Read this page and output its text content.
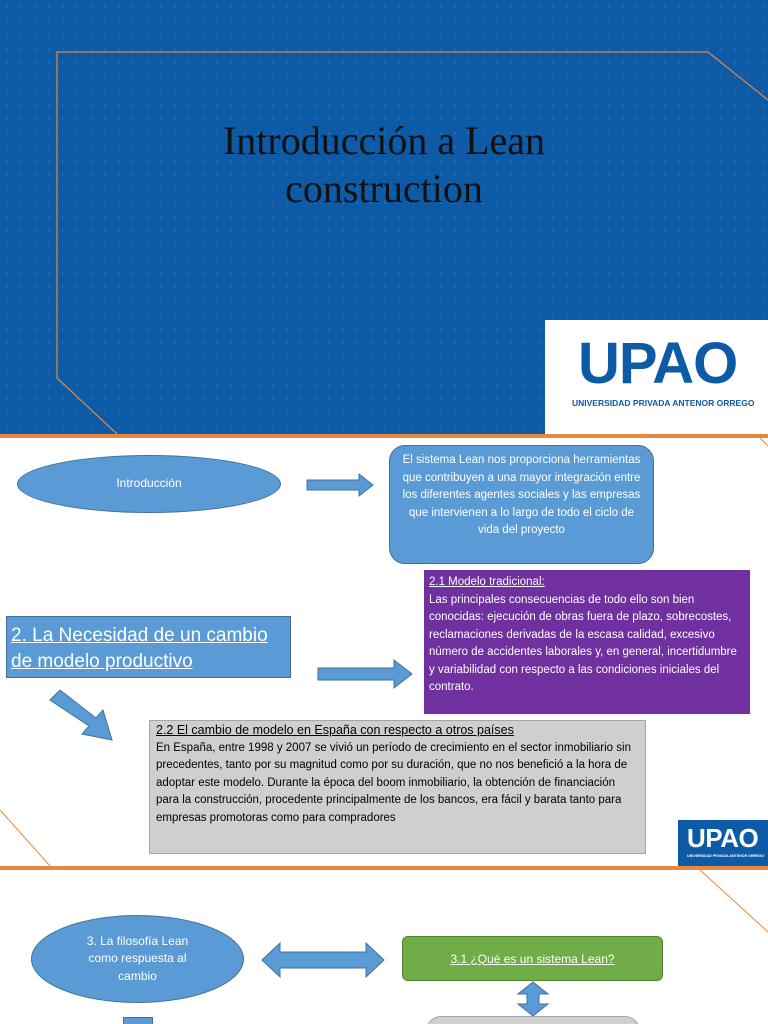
Introducción a Lean
construction
UPAO
UNIVERSIDAD PRIVADA ANTENOR ORREGO
Introducción
El sistema Lean nos proporciona herramientas que contribuyen a una mayor integración entre los diferentes agentes sociales y las empresas que intervienen a lo largo de todo el ciclo de vida del proyecto
2. La Necesidad de un cambio de modelo productivo
2.1 Modelo tradicional:
Las principales consecuencias de todo ello son bien conocidas: ejecución de obras fuera de plazo, sobrecostes, reclamaciones derivadas de la escasa calidad, excesivo número de accidentes laborales y, en general, incertidumbre y variabilidad con respecto a las condiciones iniciales del contrato.
2.2 El cambio de modelo en España con respecto a otros países
En España, entre 1998 y 2007 se vivió un período de crecimiento en el sector inmobiliario sin precedentes, tanto por su magnitud como por su duración, que no nos benefició a la hora de adoptar este modelo. Durante la época del boom inmobiliario, la obtención de financiación para la construcción, procedente principalmente de los bancos, era fácil y barata tanto para empresas promotoras como para compradores
UPAO
UNIVERSIDAD PRIVADA ANTENOR ORREGO
3. La filosofía Lean como respuesta al cambio
3.1 ¿Qué es un sistema Lean?
